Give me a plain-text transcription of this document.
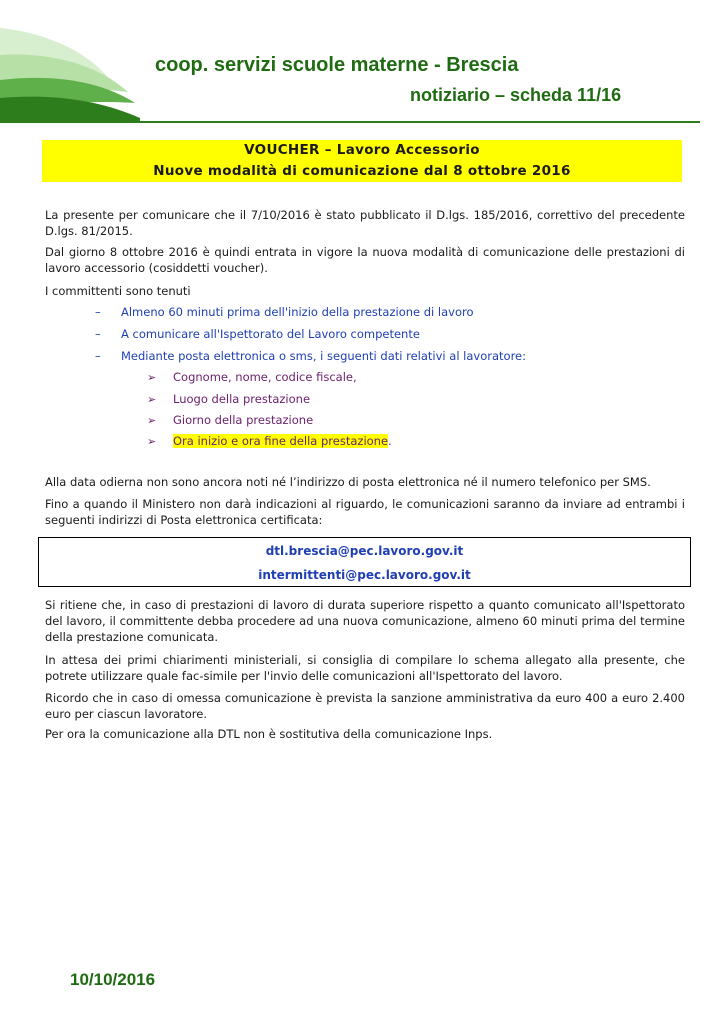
coop. servizi scuole materne - Brescia
notiziario – scheda 11/16
VOUCHER – Lavoro Accessorio
Nuove modalità di comunicazione dal 8 ottobre 2016
La presente per comunicare che il 7/10/2016 è stato pubblicato il D.lgs. 185/2016, correttivo del precedente D.lgs. 81/2015.
Dal giorno 8 ottobre 2016 è quindi entrata in vigore la nuova modalità di comunicazione delle prestazioni di lavoro accessorio (cosiddetti voucher).
I committenti sono tenuti
– Almeno 60 minuti prima dell'inizio della prestazione di lavoro
– A comunicare all'Ispettorato del Lavoro competente
– Mediante posta elettronica o sms, i seguenti dati relativi al lavoratore:
➢ Cognome, nome, codice fiscale,
➢ Luogo della prestazione
➢ Giorno della prestazione
➢ Ora inizio e ora fine della prestazione.
Alla data odierna non sono ancora noti né l’indirizzo di posta elettronica né il numero telefonico per SMS.
Fino a quando il Ministero non darà indicazioni al riguardo, le comunicazioni saranno da inviare ad entrambi i seguenti indirizzi di Posta elettronica certificata:
dtl.brescia@pec.lavoro.gov.it
intermittenti@pec.lavoro.gov.it
Si ritiene che, in caso di prestazioni di lavoro di durata superiore rispetto a quanto comunicato all'Ispettorato del lavoro, il committente debba procedere ad una nuova comunicazione, almeno 60 minuti prima del termine della prestazione comunicata.
In attesa dei primi chiarimenti ministeriali, si consiglia di compilare lo schema allegato alla presente, che potrete utilizzare quale fac-simile per l'invio delle comunicazioni all'Ispettorato del lavoro.
Ricordo che in caso di omessa comunicazione è prevista la sanzione amministrativa da euro 400 a euro 2.400 euro per ciascun lavoratore.
Per ora la comunicazione alla DTL non è sostitutiva della comunicazione Inps.
10/10/2016
